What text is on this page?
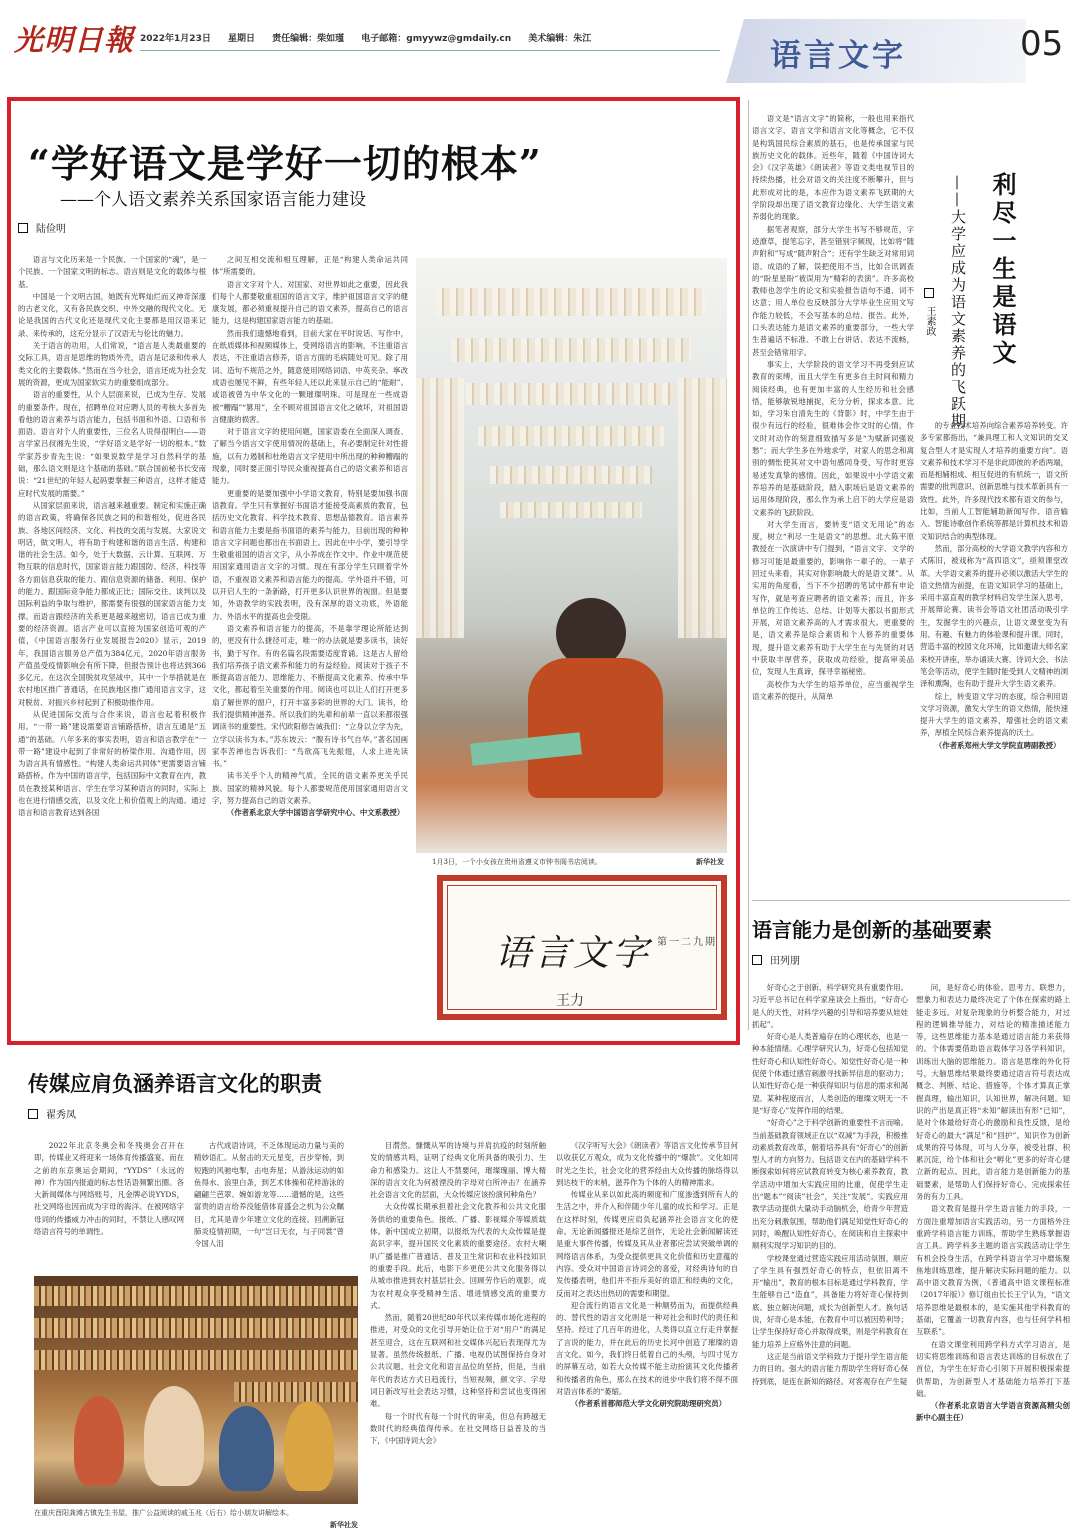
光明日報 2022年1月23日 星期日 责任编辑：柴如瑾 电子邮箱：gmyywz@gmdaily.cn 美术编辑：朱江	语言文字	05
“学好语文是学好一切的根本”
——个人语文素养关系国家语言能力建设
陆俭明

语言与文化历来是一个民族、一个国家的“魂”，是一个民族、一个国家文明的标志。语言则是文化的载体与根基。

中国是一个文明古国，她既有光辉灿烂而又神奇深邃的古老文化，又有各民族交织、中外交融的现代文化。无论是我国的古代文化还是现代文化主要都是用汉语来记录、来传承的，这充分显示了汉语无与伦比的魅力。

关于语言的功用，人们常说，“语言是人类最重要的交际工具，语言是思维的物质外壳，语言是记录和传承人类文化的主要载体。”然而在当今社会，语言还成为社会发展的资源，更成为国家软实力的重要组成部分。

语言的重要性，从个人层面来说，已成为生存、发展的重要条件。现在，招聘单位对应聘人员的考核大多首先看他的语言素养与语言能力，包括书面和外语、口语和书面语。语言对个人的重要性，三位名人说得很明白——语言学家吕叔湘先生说，“学好语文是学好一切的根本。”数学家苏步青先生说：“如果说数学是学习自然科学的基础，那么语文则是这个基础的基础。”联合国前秘书长安南说：“21世纪的年轻人起码要掌握三种语言，这样才能适应时代发展的需要。”

从国家层面来说，语言越来越重要。制定和实施正确的语言政策，将确保各民族之间的和谐相处，促进各民族、各地区间经济、文化、科技的交流与发展。大家说文明话，做文明人，将有助于构建和谐的语言生活、构建和谐的社会生活。如今，处于大数据、云计算、互联网、万物互联的信息时代，国家语言能力跟国防、经济、科技等各方面信息获取的能力、跟信息资源的储备、利用、保护的能力、跟国际竞争能力都成正比；国际交往、谈判以及国际利益的争取与维护，都需要有很强的国家语言能力支撑。而语言跟经济的关系更是越来越密切，语言已成为重要的经济资源。语言产业可以直接为国家创造可观的产值，《中国语言服务行业发展报告2020》显示，2019年，我国语言服务总产值为384亿元，2020年语言服务产值虽受疫情影响会有所下降，但报告预计也将达到366多亿元。在这次全国脱贫攻坚战中，其中一个举措就是在农村地区推广普通话，在民族地区推广通用语言文字，这对脱贫、对振兴乡村起到了积极助推作用。

从促进国际交流与合作来说，语言也起着积极作用。“一带一路”建设需要语言铺路搭桥，语言互通是“五通”的基础。八年多来的事实表明，语言和语言教学在“一带一路”建设中起到了非常好的桥梁作用、沟通作用，因为语言具有情感性。“构建人类命运共同体”更需要语言铺路搭桥。作为中国的语言学，包括国际中文教育在内，教员在教授某种语言、学生在学习某种语言的同时，实际上也在进行情感交流，以及文化上和价值观上的沟通。通过语言和语言教育达到各国

之间互相交流和相互理解，正是“构建人类命运共同体”所需要的。

语言文字对个人、对国家、对世界如此之重要，因此我们每个人都要敬重祖国的语言文字，维护祖国语言文字的健康发展，都必须重视提升自己的语文素养，提高自己的语言能力，这是构建国家语言能力的基础。

然而我们遗憾地看到，目前大家在平时说话、写作中，在纸质媒体和视频媒体上，受网络语言的影响，不注重语言表达，不注重语言修养，语言方面的毛病随处可见。除了用词、造句不规范之外，随意使用网络词语、中英夹杂、寧改成语也屡见不鲜，有些年轻人还以此来显示自己的“能耐”。或语被曾为中华文化的一颗璀璨明珠。可是现在一些成语被“糟蹋”“篡用”，全不顾对祖国语言文化之破坏，对祖国语言健康的损害。

对于语言文字的使用问题，国家语委在全面深入调查、了解当今语言文字使用情况的基础上，有必要制定针对性措施，以有力遏制和杜绝语言文字使用中所出现的种种糟蹋的现象，同时要正面引导民众重视提高自己的语文素养和语言能力。

更重要的是要加强中小学语文教育，特别是要加强书面语教育。学生只有掌握好书面语才能接受高素质的教育，包括历史文化教育、科学技术教育、思想品德教育。语言素养和语言能力主要是指书面语的素养与能力，目前出现的种种语言文字问题也都出在书面语上。因此在中小学，要引导学生敬重祖国的语言文字，从小养成在作文中、作业中规范使用国家通用语言文字的习惯。现在有部分学生只顾着学外语，不重视语文素养和语言能力的提高。学外语并不错，可以开启人生的一条新路，打开更多认识世界的视窗。但是要知，外语教学的实践表明，没有深厚的语文功底，外语能力、外语水平的提高也会受限。

语文素养和语言能力的提高，不是靠学理论所能达到的，更没有什么捷径可走，唯一的办法就是要多读书，读好书，勤于写作。有的名篇名段需要适度背诵。这是古人留给我们培养孩子语文素养和能力的有益经验。阅读对于孩子不断提高语言能力、思维能力、不断提高文化素养、传承中华文化，都起着至关重要的作用。阅读也可以让人们打开更多扇了解世界的窗户，打开丰富多彩的世界的大门。读书，给我们提供精神滋养。所以我们的先辈和前辈一直以来都很强调读书的重要性。宋代欧阳修告诫我们：“立身以立学为先，立学以读书为本。”苏东坡云：“腹有诗书气自华。”著名国画家李苦禅也告诉我们：“鸟欲高飞先振翅，人求上进先读书。”

读书关乎个人的精神气质，全民的语文素养更关乎民族、国家的精神风貌。每个人都要规范使用国家通用语言文字，努力提高自己的语文素养。

（作者系北京大学中国语言学研究中心、中文系教授）

1月3日，一个小女孩在贵州省遵义市钟书阁书店阅读。	新华社发
语言文字
王力
第一二九期

语文是“语言文字”的简称，一般也用来指代语言文字、语言文学和语言文化等概念，它不仅是构筑国民综合素质的基石，也是传承国家与民族历史文化的载体。近些年，随着《中国诗词大会》《汉字英雄》《朗读者》等语文类电视节目的持续热播，社会对语文的关注度不断攀升，但与此形成对比的是，本应作为语文素养飞跃期的大学阶段却出现了语文教育边缘化、大学生语文素养弱化的现象。

据笔者观察，部分大学生书写不够规范，字迹潦草，提笔忘字，甚至错别字频现，比如将“随声附和”写成“随声附合”；还有学生缺乏对常用词语、成语的了解，误把使用不当，比如合讯调查的“盼星星盼”被误用为“精彩的表演”。许多高校教师也忽学生的论文和实验报告语句不通、词不达意；用人单位也反映部分大学毕业生应用文写作能力较低，不会写基本的总结、报告。此外，口头表达能力是语文素养的重要部分，一些大学生普遍话不标准、不敢上台讲话、表达不流畅，甚至会错常用字。

事实上，大学阶段的语文学习不再受到应试教育的束缚，而且大学生有更多自主时间和精力阅读经典，也有更加丰富的人生经历和社会感悟，能够敏锐地捕捉，充分分析，探求本意。比如，学习朱自清先生的《背影》时，中学生由于很少有远行的经验，很难体会作文时的心情，作文时对动作的刻意细致描写多是“为赋新词强说愁”；而大学生多在外地求学，对家人的思念和离别的惆怅使其对文中语句感同身受，写作时更容易述发真挚的感情。因此，如果说中小学语文素养培养的是基础阶段，踏入职场后是语文素养的运用体现阶段，那么作为承上启下的大学应是语文素养的飞跃阶段。

对大学生而言，要转变“语文无用论”的态度，树立“利尽一生是语文”的思想。北大陈平原教授在一次演讲中专门提到，“语言文字、文学的修习可能是最重要的，影响你一辈子的。一辈子回过头来看，其实对你影响最大的是语文课”。从实用的角度看，当下不少招聘的笔试中都有申论写作，就是考查应聘者的语文素养；而且，许多单位的工作传达、总结、计划等大都以书面形式开展，对语文素养高的人才需求很大。更重要的是，语文素养是综合素质和个人修养的重要体现，提升语文素养有助于大学生在与先贤的对话中获取丰厚营养，获取成功经验，提高审美品位，发现人生真谛，探寻幸福秘密。

高校作为大学生的培养单位，应当重视学生语文素养的提升，从简单

利尽一生是语文
——大学应成为语文素养的飞跃期
王素政

的专业技术培养向综合素养培养转变。许多专家都指出，“兼具理工和人文知识的交叉复合型人才是实现人才培养的重要方向”。语文素养和技术学习不是非此即彼的矛盾两端，而是相辅相成、相互促进的有机统一，语文所需要的批判意识、创新思维与技术革新具有一致性。此外，许多现代技术都有语文的参与，比如，当前人工智能辅助新闻写作、语音输入、智能诗歌创作系统等都是计算机技术和语文知识结合的典型体现。

然而，部分高校的大学语文教学内容和方式陈旧，被戏称为“高四语文”，亟须课堂改革。大学语文素养的提升必须以激活大学生的语文热情为前提，在语文知识学习的基础上，采用丰富直观的教学材料启发学生深入思考，开展辩论赛、读书会等语文社团活动吸引学生，发掘学生的兴趣点，让语文课堂变为有用、有趣、有魅力的体验课和提升课。同时，营造丰富的校园文化环境，比如邀请大师名家来校开讲座，举办诵读大赛、诗词大会、书法笔会等活动，使学生随时能受到人文精神的浏泽和熏陶，也有助于提升大学生语文素养。

综上，转变语文学习的态度，综合利用语文学习资源，激发大学生的语文热情，能快速提升大学生的语文素养，增强社会的语文素养，厚植全民综合素养提高的沃土。

（作者系郑州大学文学院直聘副教授）

语言能力是创新的基础要素
田列朋

好奇心之于创新、科学研究具有重要作用。习近平总书记在科学家座谈会上指出，“好奇心是人的天性，对科学兴趣的引导和培养要从娃娃抓起”。

好奇心是人类普遍存在的心理状态，也是一种本能情绪。心理学研究认为，好奇心包括知觉性好奇心和认知性好奇心。知觉性好奇心是一种促使个体通过感官刺激寻找新异信息的驱动力；认知性好奇心是一种获得知识与信息的需求和渴望。某种程度而言，人类创造的璀璨文明无一不是“好奇心”发挥作用的结果。

“好奇心”之于科学创新的重要性不言而喻。当前基础教育领域正在以“双减”为手段，积极推动素质教育改革，朝着培养具有“好奇心”的创新型人才的方向努力。包括语文在内的基础学科不断探索如何将应试教育转变为核心素养教育，教学活动中增加大实践应用的比重，促使学生走出“题本”“阅读”社会”，关注“发展”。实践应用教学活动提供大量动手动脑机会，给青少年营造出充分刺激氛围，帮助他们满足知觉性好奇心的同时，唤醒认知性好奇心，在阅读和自主探索中顺利实现学习知识的目的。

学校课堂通过营造实践应用活动氛围，顺应了学生具有强烈好奇心的特点，但依旧离不开“输出”，教育的根本目标是通过学科教育，学生能够自己“造血”，具备能力将好奇心保持到底、独立解决问题，成长为创新型人才。换句话说，好奇心是本能，在教育中可以被因势利导；让学生保持好奇心并取得成果，则是学科教育在能力培养上应格外注意的问题。

这正是当前语文学科致力于提升学生语言能力的目的。强大的语言能力帮助学生将好奇心保持到底，是连在新知的路径。对客观存在产生疑

问，是好奇心的体验。思考力、联想力，想象力和表达力最终决定了个体在探索的路上能走多远。对复杂现象的分析整合能力，对过程的逻辑推导能力，对结论的精准描述能力等，这些思维能力基本是通过语言能力来获得的。个体需要借助语言载体学习各学科知识，训练出大脑的思维能力。语言是思维的外化符号，大脑思维结果最终要通过语言符号表达成概念、判断、结论、措施等，个体才算真正掌握真理，输出知识，认知世界，解决问题。知识的产出是真正将“未知”解读出有形“已知”，是对个体最给好奇心的激励和良性反馈，是给好奇心的最大“满足”和“回护”。知识作为创新成果的符号体现，可与人分享，被受社群、积累沉淀，给个体和社会“孵化”更多的好奇心建立新的起点。因此，语言能力是创新能力的基础要素，是帮助人们保持好奇心、完成探索任务的有力工具。

语文教育是提升学生语言能力的手段，一方面注重增加语言实践活动，另一方面格外注重跨学科语言能力训练，帮助学生熟练掌握语言工具。跨学科多主题的语言实践活动让学生有机会投身生活，在跨学科语言学习中磨炼聚焦地训练思维，提升解决实际问题的能力。以高中语文教育为例，《普通高中语文课程标准（2017年版）》修订组由长长王宁认为，“语文培养思维是最根本的，是实施其他学科教育的基础，它覆盖一切教育内容，也与任何学科相互联系”。

在语文课堂利用跨学科方式学习语言，是切实将思维训练和语言表达训练的目标放在了首位，为学生在好奇心引领下开展积极探索提供帮助，为创新型人才基础能力培养打下基础。

（作者系北京语言大学语言资源高精尖创新中心副主任）

传媒应肩负涵养语言文化的职责
翟秀凤

2022年北京冬奥会和冬残奥会召开在即，传媒业又将迎来一场体育传播盛宴。而在之前的东京奥运会期间，“YYDS”（永远的神）作为国内报道的标志性话语频繁出圈。各大新闻媒体与网络账号，凡金牌必说YYDS，社交网络也因而成为字母的海洋。在被网络字母词的传播威力冲击的同时，不禁让人感叹网络语言符号的单调性。

古代成语诗词，不乏体现运动力量与美的精妙语汇。从射击的天元星变，百步穿杨，到短跑的风驰电掣，击电奔星；从游泳运动的如鱼得水、浪里白条，到艺术体操和花样游泳的翩翩兰芭翠、婉如游龙等……遗憾的是，这些富贵的语言给养没能借体育盛会之机为公众瞩目，尤其是青少年建立文化的连接。回溯新冠肺炎疫情初期，一句“岂曰无衣，与子同裳”曾令国人泪

目潸然。慷慨从军的诗境与并肩抗疫的时刻所触发的情感共鸣，证明了经典文化所具备的吸引力、生命力和感染力。这让人不禁要问，璀璨瑰丽、博大精深的语言文化为何被湮没的字母对白所冲击？在涵养社会语言文化的层面，大众传媒应该扮演何种角色？

大众传媒长期承担着社会文化教养和公共文化服务供给的重要角色。报纸、广播、影视媒介等媒质载体。新中国成立初期，以报纸为代表的大众传媒是提高识字率，提升国民文化素质的重要途径。农村大喇叭广播是推广普通话、普及卫生常识和农业科技知识的重要手段。此后，电影下乡更使公共文化服务得以从城市推进到农村基层社会。回顾劳作后的观影，成为农村观众享受精神生活、增进情感交流的重要方式。

然而，随着20世纪80年代以来传媒市场化进程的推进，对受众的文化引导开始让位于对“用户”的满足甚至迎合，这在互联网和社交媒体兴起后表现得尤为显著。虽然传统报纸、广播、电视仍试图保持自身对公共议题、社会文化和语言品位的坚持，但是，当前年代的表达方式日趋流行，当短视频，颜文字、字母词日新改写社会表达习惯，这种坚持和尝试也变得困难。

每一个时代有每一个时代的审美，但总有跨越无数时代的经典值得传承。在社交网络日益普及的当下，《中国诗词大会》

《汉字听写大会》《朗读者》等语言文化传承节目何以收获亿万观众，成为文化传播中的“爆款”。文化如同时光之生长，社会文化的营养经由大众传播的脉络得以到达枝干的末梢，滋养作为个体的人的精神需求。

传媒业从来以如此高的频度和广度渗透到所有人的生活之中，并介入和伴随少年儿童的成长和学习。正是在这样时刻，传媒更应肩负起涵养社会语言文化的使命。无论新闻播报还是综艺创作，无论社会新闻解读还是重大事件传播，传媒及其从业者都应尝试突破单调的网络语言体系，为受众提供更具文化价值和历史意蕴的内容。受众对中国语言诗词会的喜爱，对经典诗句的自发传播表明，他们并不拒斥美好的语汇和经典的文化，反而对之表达出热切的需要和期望。

迎合流行的语言文化是一种顺势而为，而提供经典的、替代性的语言文化则是一种对社会和时代的责任和坚持。经过了几百年的进化，人类得以直立行走并掌握了言说的能力，并在此后的历史长河中创造了璀璨的语言文化。如今，我们终日低着自己的头颅，与四寸见方的屏幕互动，如若大众传媒不能主动扮演其文化传播者和传播者的角色，那么在技术的进步中我们将不得不面对语言体系的“萎缩。

（作者系首都师范大学文化研究院助理研究员）

在重庆酉阳龚滩古镇先生书屋，推广公益阅读的戚玉兆（后右）给小朋友讲解绘本。
新华社发
